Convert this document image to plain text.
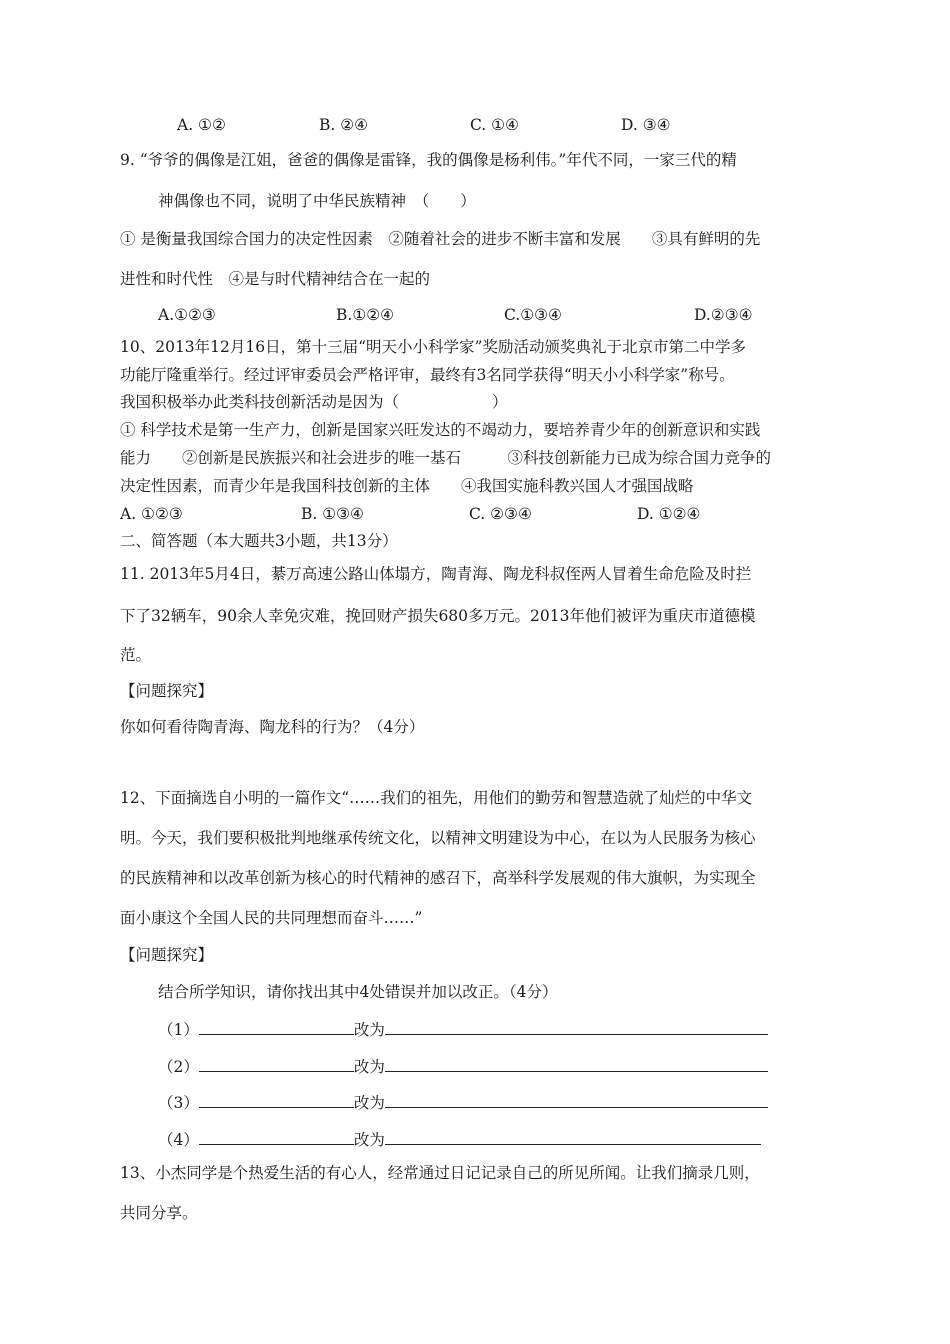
A. ①②	B. ②④	C. ①④	D. ③④
9. “爷爷的偶像是江姐，爸爸的偶像是雷锋，我的偶像是杨利伟。”年代不同，一家三代的精
神偶像也不同，说明了中华民族精神　（　　）
① 是衡量我国综合国力的决定性因素　②随着社会的进步不断丰富和发展　　③具有鲜明的先
进性和时代性　④是与时代精神结合在一起的
A.①②③	B.①②④	C.①③④	D.②③④
10、2013年12月16日，第十三届“明天小小科学家”奖励活动颁奖典礼于北京市第二中学多
功能厅隆重举行。经过评审委员会严格评审，最终有3名同学获得“明天小小科学家”称号。
我国积极举办此类科技创新活动是因为（　　　　　　）
① 科学技术是第一生产力，创新是国家兴旺发达的不竭动力，要培养青少年的创新意识和实践
能力　　②创新是民族振兴和社会进步的唯一基石　　　③科技创新能力已成为综合国力竞争的
决定性因素，而青少年是我国科技创新的主体　　④我国实施科教兴国人才强国战略
A. ①②③	B. ①③④	C. ②③④	D. ①②④
二、简答题（本大题共3小题，共13分）
11. 2013年5月4日，綦万高速公路山体塌方，陶青海、陶龙科叔侄两人冒着生命危险及时拦
下了32辆车，90余人幸免灾难，挽回财产损失680多万元。2013年他们被评为重庆市道德模
范。
【问题探究】
你如何看待陶青海、陶龙科的行为？（4分）
12、下面摘选自小明的一篇作文“……我们的祖先，用他们的勤劳和智慧造就了灿烂的中华文
明。今天，我们要积极批判地继承传统文化，以精神文明建设为中心，在以为人民服务为核心
的民族精神和以改革创新为核心的时代精神的感召下，高举科学发展观的伟大旗帜，为实现全
面小康这个全国人民的共同理想而奋斗……”
【问题探究】
结合所学知识，请你找出其中4处错误并加以改正。（4分）
（1）	改为
（2）	改为
（3）	改为
（4）	改为
13、小杰同学是个热爱生活的有心人，经常通过日记记录自己的所见所闻。让我们摘录几则，
共同分享。
